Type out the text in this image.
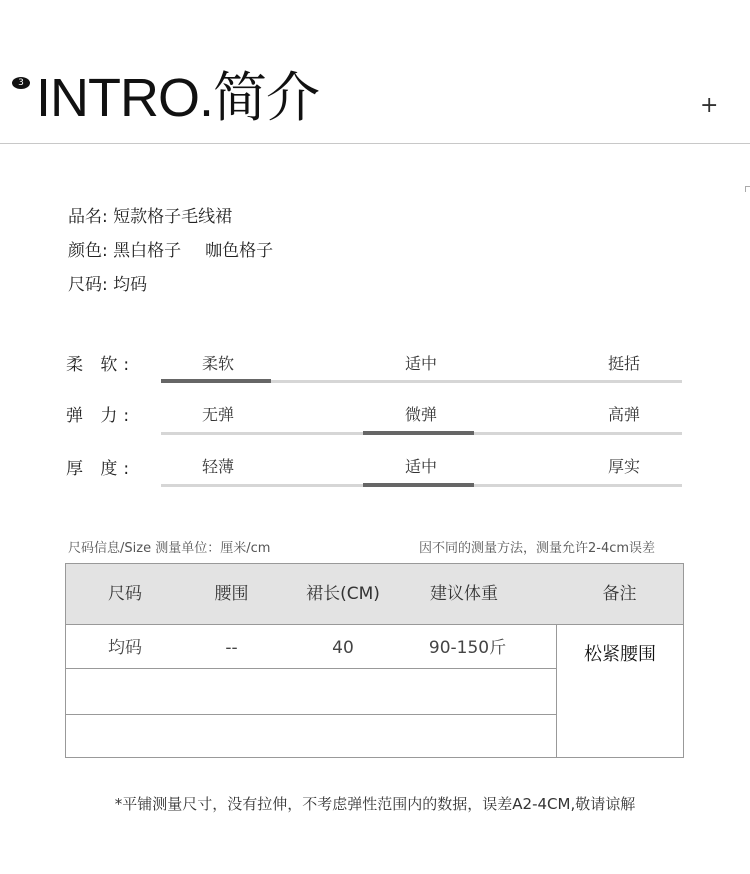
3 INTRO.简介	+
品名: 短款格子毛线裙
颜色: 黑白格子 咖色格子
尺码: 均码
柔 软:	柔软	适中	挺括
弹 力:	无弹	微弹	高弹
厚 度:	轻薄	适中	厚实
尺码信息/Size 测量单位：厘米/cm	因不同的测量方法，测量允许2-4cm误差
尺码	腰围	裙长(CM)	建议体重	备注
均码	--	40	90-150斤	松紧腰围
*平铺测量尺寸，没有拉伸，不考虑弹性范围内的数据，误差A2-4CM,敬请谅解
